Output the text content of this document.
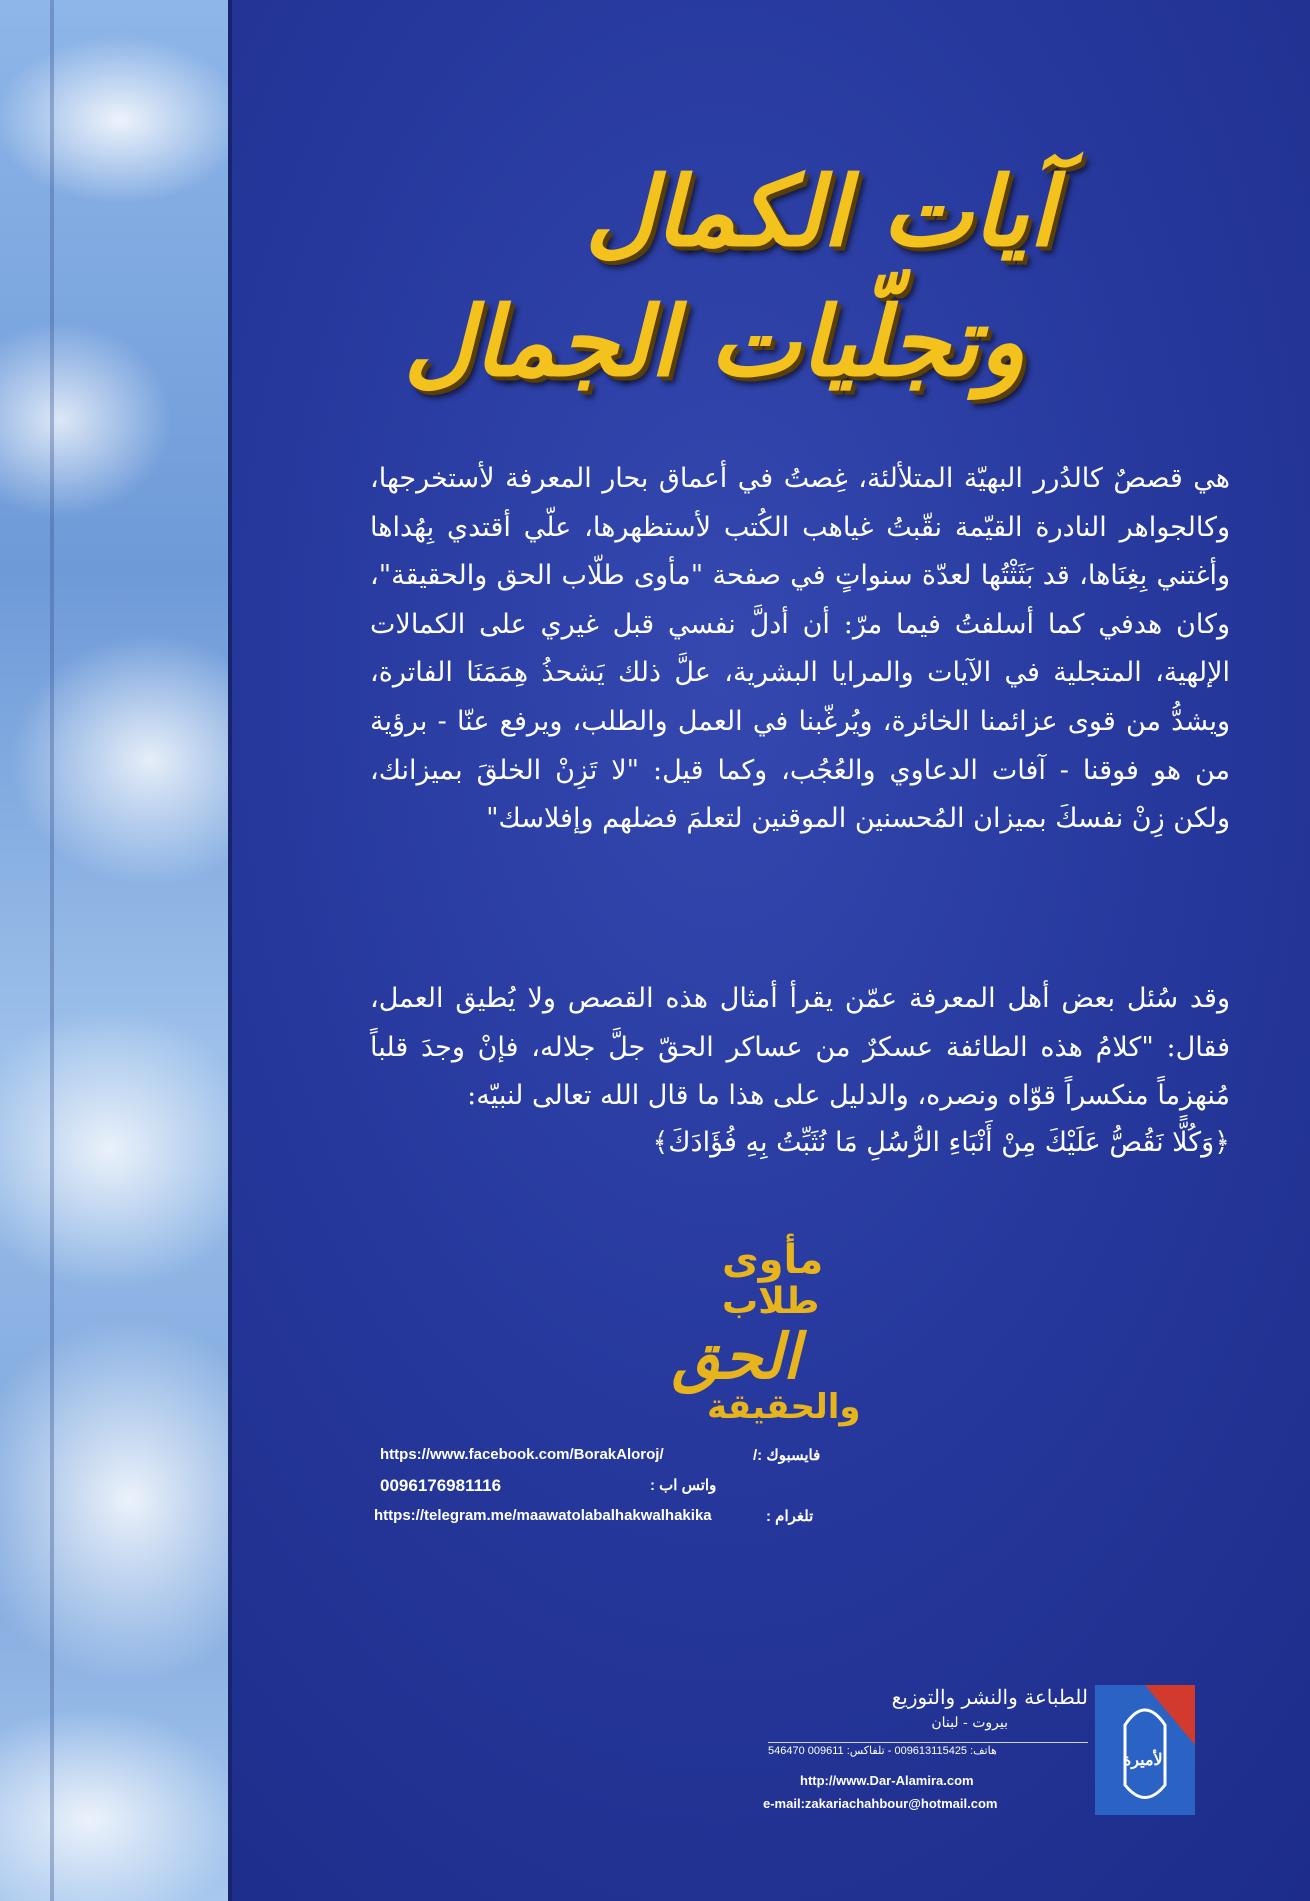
آيات الكمال
وتجلّيات الجمال
هي قصصٌ كالدُرر البهيّة المتلألئة، غِصتُ في أعماق بحار المعرفة لأستخرجها، وكالجواهر النادرة القيّمة نقّبتُ غياهب الكُتب لأستظهرها، علّي أقتدي بِهُداها وأغتني بِغِنَاها، قد بَثَثْتُها لعدّة سنواتٍ في صفحة "مأوى طلّاب الحق والحقيقة"، وكان هدفي كما أسلفتُ فيما مرّ: أن أدلَّ نفسي قبل غيري على الكمالات الإلهية، المتجلية في الآيات والمرايا البشرية، علَّ ذلك يَشحذُ هِمَمَنَا الفاترة، ويشدُّ من قوى عزائمنا الخائرة، ويُرغّبنا في العمل والطلب، ويرفع عنّا - برؤية من هو فوقنا - آفات الدعاوي والعُجُب، وكما قيل: "لا تَزِنْ الخلقَ بميزانك، ولكن زِنْ نفسكَ بميزان المُحسنين الموقنين لتعلمَ فضلهم وإفلاسك"
وقد سُئل بعض أهل المعرفة عمّن يقرأ أمثال هذه القصص ولا يُطيق العمل، فقال: "كلامُ هذه الطائفة عسكرٌ من عساكر الحقّ جلَّ جلاله، فإنْ وجدَ قلباً مُنهزماً منكسراً قوّاه ونصره، والدليل على هذا ما قال الله تعالى لنبيّه:
﴿وَكُلًّا نَقُصُّ عَلَيْكَ مِنْ أَنْبَاءِ الرُّسُلِ مَا نُثَبِّتُ بِهِ فُؤَادَكَ﴾
مأوى
طلاب
الحق
والحقيقة
https://www.facebook.com/BorakAloroj/	فايسبوك :/
0096176981116	واتس اب :
https://telegram.me/maawatolabalhakwalhakika	تلغرام :
للطباعة والنشر والتوزيع
بيروت - لبنان
هاتف: 009613115425 - تلفاكس: 009611 546470
http://www.Dar-Alamira.com
e-mail:zakariachahbour@hotmail.com
الأميرة
